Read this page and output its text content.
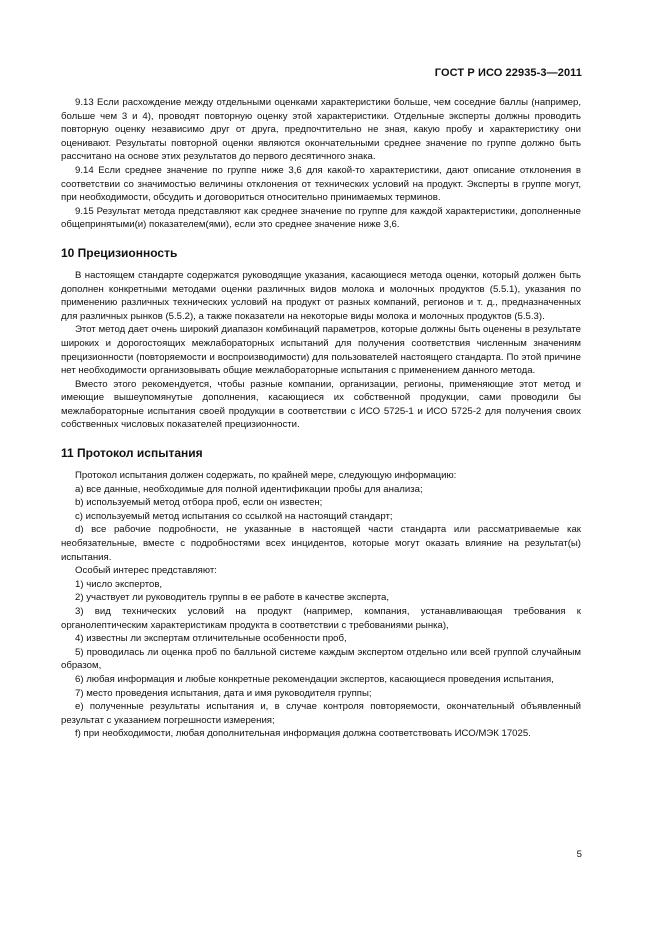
ГОСТ Р ИСО 22935-3—2011

9.13 Если расхождение между отдельными оценками характеристики больше, чем соседние баллы (например, больше чем 3 и 4), проводят повторную оценку этой характеристики. Отдельные эксперты должны проводить повторную оценку независимо друг от друга, предпочтительно не зная, какую пробу и характеристику они оценивают. Результаты повторной оценки являются окончательными среднее значение по группе должно быть рассчитано на основе этих результатов до первого десятичного знака.

9.14 Если среднее значение по группе ниже 3,6 для какой-то характеристики, дают описание отклонения в соответствии со значимостью величины отклонения от технических условий на продукт. Эксперты в группе могут, при необходимости, обсудить и договориться относительно принимаемых терминов.

9.15 Результат метода представляют как среднее значение по группе для каждой характеристики, дополненные общепринятыми(и) показателем(ями), если это среднее значение ниже 3,6.

10 Прецизионность

В настоящем стандарте содержатся руководящие указания, касающиеся метода оценки, который должен быть дополнен конкретными методами оценки различных видов молока и молочных продуктов (5.5.1), указания по применению различных технических условий на продукт от разных компаний, регионов и т. д., предназначенных для различных рынков (5.5.2), а также показатели на некоторые виды молока и молочных продуктов (5.5.3).

Этот метод дает очень широкий диапазон комбинаций параметров, которые должны быть оценены в результате широких и дорогостоящих межлабораторных испытаний для получения соответствия численным значениям прецизионности (повторяемости и воспроизводимости) для пользователей настоящего стандарта. По этой причине нет необходимости организовывать общие межлабораторные испытания с применением данного метода.

Вместо этого рекомендуется, чтобы разные компании, организации, регионы, применяющие этот метод и имеющие вышеупомянутые дополнения, касающиеся их собственной продукции, сами проводили бы межлабораторные испытания своей продукции в соответствии с ИСО 5725-1 и ИСО 5725-2 для получения своих собственных числовых показателей прецизионности.

11 Протокол испытания

Протокол испытания должен содержать, по крайней мере, следующую информацию:

a) все данные, необходимые для полной идентификации пробы для анализа;

b) используемый метод отбора проб, если он известен;

c) используемый метод испытания со ссылкой на настоящий стандарт;

d) все рабочие подробности, не указанные в настоящей части стандарта или рассматриваемые как необязательные, вместе с подробностями всех инцидентов, которые могут оказать влияние на результат(ы) испытания.

Особый интерес представляют:

1) число экспертов,

2) участвует ли руководитель группы в ее работе в качестве эксперта,

3) вид технических условий на продукт (например, компания, устанавливающая требования к органолептическим характеристикам продукта в соответствии с требованиями рынка),

4) известны ли экспертам отличительные особенности проб,

5) проводилась ли оценка проб по балльной системе каждым экспертом отдельно или всей группой случайным образом,

6) любая информация и любые конкретные рекомендации экспертов, касающиеся проведения испытания,

7) место проведения испытания, дата и имя руководителя группы;

e) полученные результаты испытания и, в случае контроля повторяемости, окончательный объявленный результат с указанием погрешности измерения;

f) при необходимости, любая дополнительная информация должна соответствовать ИСО/МЭК 17025.

5
